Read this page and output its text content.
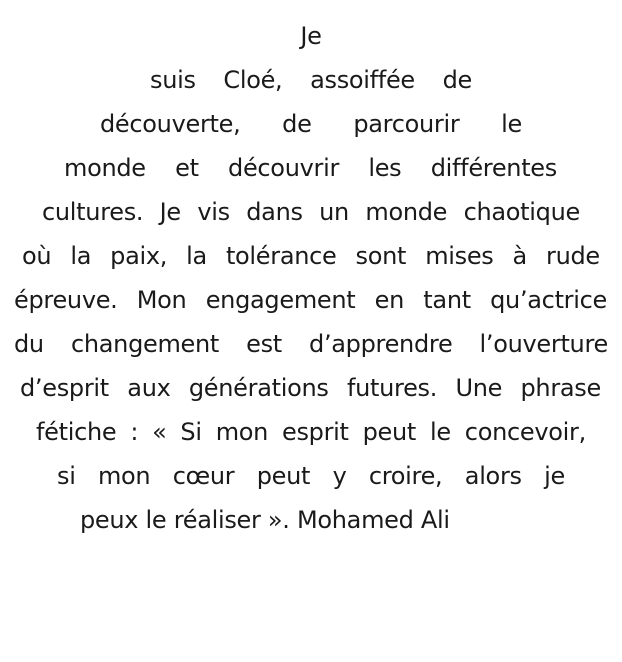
Je
suis Cloé, assoiffée de
découverte, de parcourir le
monde et découvrir les différentes
cultures. Je vis dans un monde chaotique
où la paix, la tolérance sont mises à rude
épreuve. Mon engagement en tant qu’actrice
du changement est d’apprendre l’ouverture
d’esprit aux générations futures. Une phrase
fétiche : « Si mon esprit peut le concevoir,
si mon cœur peut y croire, alors je
peux le réaliser ». Mohamed Ali
